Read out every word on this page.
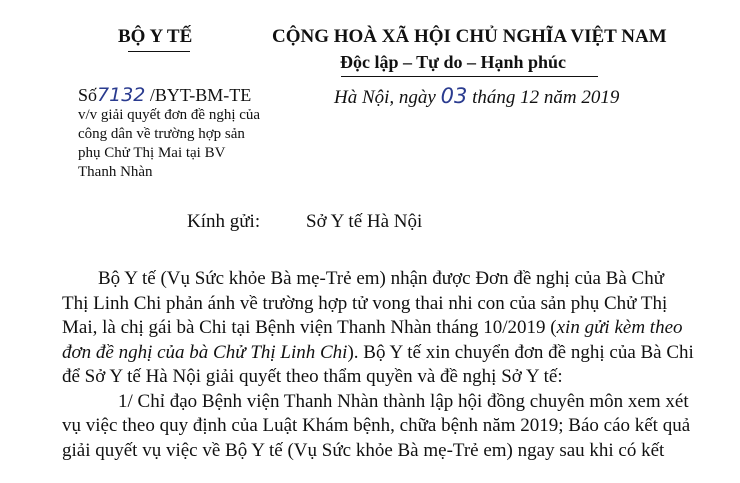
BỘ Y TẾ	CỘNG HOÀ XÃ HỘI CHỦ NGHĨA VIỆT NAM
Độc lập – Tự do – Hạnh phúc
Số7132 /BYT-BM-TE	Hà Nội, ngày 03 tháng 12 năm 2019
v/v giải quyết đơn đề nghị của
công dân về trường hợp sản
phụ Chử Thị Mai tại BV
Thanh Nhàn
Kính gửi: Sở Y tế Hà Nội
Bộ Y tế (Vụ Sức khỏe Bà mẹ-Trẻ em) nhận được Đơn đề nghị của Bà Chử
Thị Linh Chi phản ánh về trường hợp tử vong thai nhi con của sản phụ Chử Thị
Mai, là chị gái bà Chi tại Bệnh viện Thanh Nhàn tháng 10/2019 (xin gửi kèm theo
đơn đề nghị của bà Chử Thị Linh Chi). Bộ Y tế xin chuyển đơn đề nghị của Bà Chi
để Sở Y tế Hà Nội giải quyết theo thẩm quyền và đề nghị Sở Y tế:
1/ Chỉ đạo Bệnh viện Thanh Nhàn thành lập hội đồng chuyên môn xem xét
vụ việc theo quy định của Luật Khám bệnh, chữa bệnh năm 2019; Báo cáo kết quả
giải quyết vụ việc về Bộ Y tế (Vụ Sức khỏe Bà mẹ-Trẻ em) ngay sau khi có kết
